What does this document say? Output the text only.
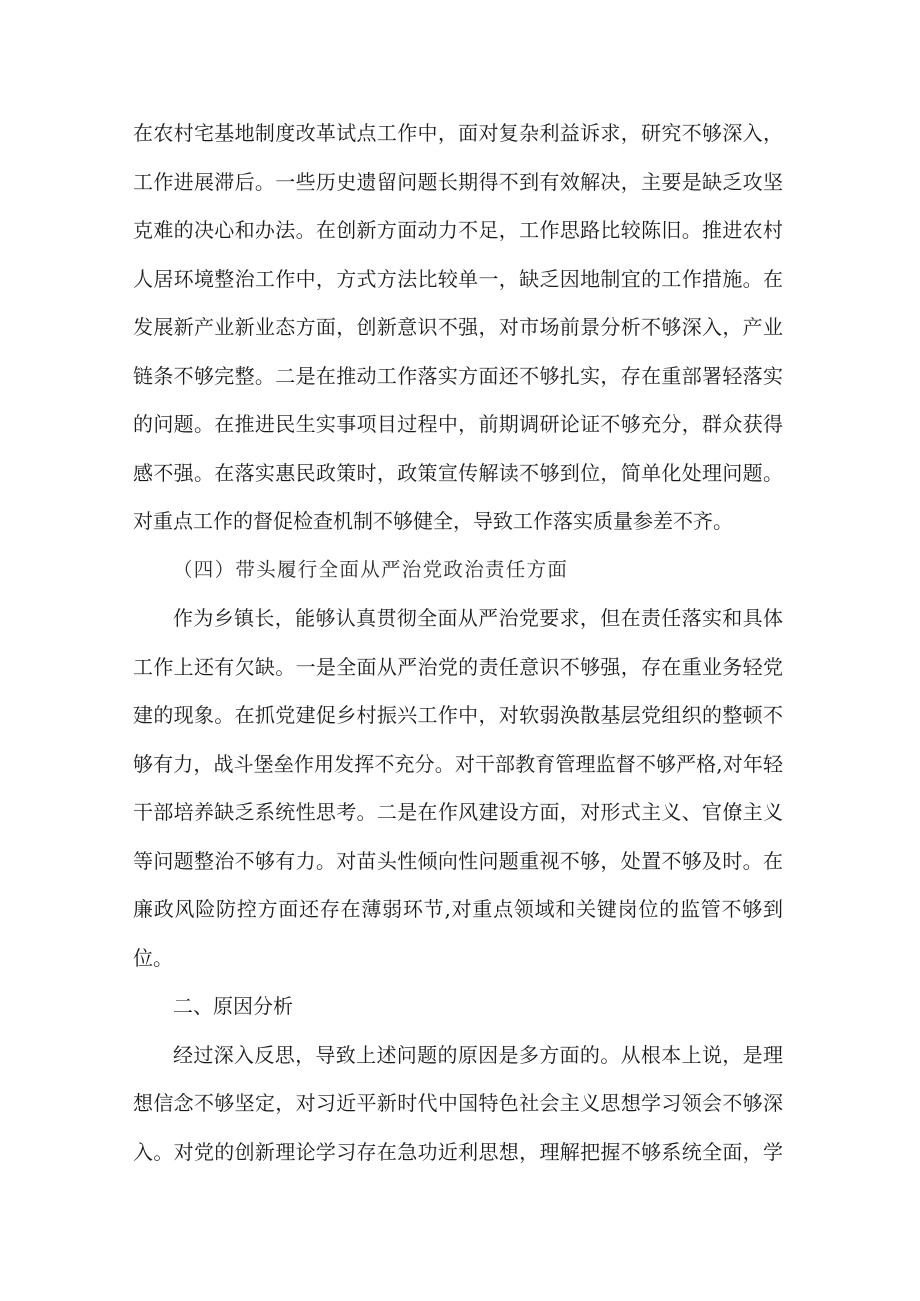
在农村宅基地制度改革试点工作中，面对复杂利益诉求，研究不够深入，
工作进展滞后。一些历史遗留问题长期得不到有效解决，主要是缺乏攻坚
克难的决心和办法。在创新方面动力不足，工作思路比较陈旧。推进农村
人居环境整治工作中，方式方法比较单一，缺乏因地制宜的工作措施。在
发展新产业新业态方面，创新意识不强，对市场前景分析不够深入，产业
链条不够完整。二是在推动工作落实方面还不够扎实，存在重部署轻落实
的问题。在推进民生实事项目过程中，前期调研论证不够充分，群众获得
感不强。在落实惠民政策时，政策宣传解读不够到位，简单化处理问题。
对重点工作的督促检查机制不够健全，导致工作落实质量参差不齐。
（四）带头履行全面从严治党政治责任方面
作为乡镇长，能够认真贯彻全面从严治党要求，但在责任落实和具体
工作上还有欠缺。一是全面从严治党的责任意识不够强，存在重业务轻党
建的现象。在抓党建促乡村振兴工作中，对软弱涣散基层党组织的整顿不
够有力，战斗堡垒作用发挥不充分。对干部教育管理监督不够严格,对年轻
干部培养缺乏系统性思考。二是在作风建设方面，对形式主义、官僚主义
等问题整治不够有力。对苗头性倾向性问题重视不够，处置不够及时。在
廉政风险防控方面还存在薄弱环节,对重点领域和关键岗位的监管不够到
位。
二、原因分析
经过深入反思，导致上述问题的原因是多方面的。从根本上说，是理
想信念不够坚定，对习近平新时代中国特色社会主义思想学习领会不够深
入。对党的创新理论学习存在急功近利思想，理解把握不够系统全面，学
